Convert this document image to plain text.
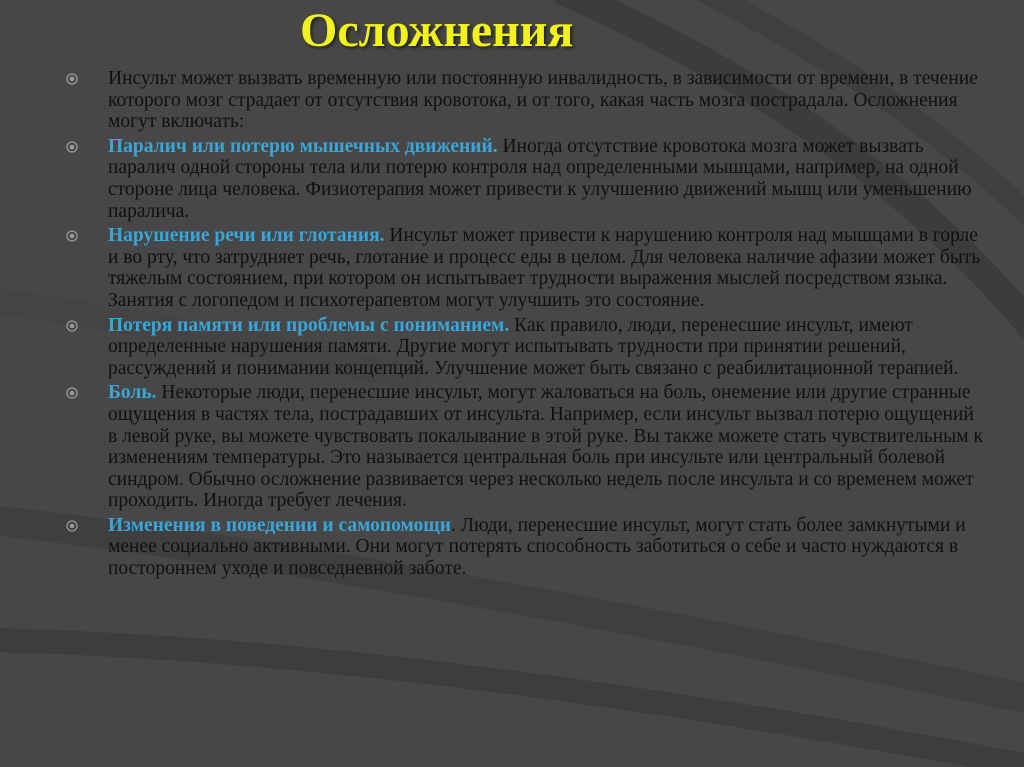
Осложнения
Инсульт может вызвать временную или постоянную инвалидность, в зависимости от времени, в течение которого мозг страдает от отсутствия кровотока, и от того, какая часть мозга пострадала. Осложнения могут включать:
Паралич или потерю мышечных движений. Иногда отсутствие кровотока мозга может вызвать паралич одной стороны тела или потерю контроля над определенными мышцами, например, на одной стороне лица человека. Физиотерапия может привести к улучшению движений мышц или уменьшению паралича.
Нарушение речи или глотания. Инсульт может привести к нарушению контроля над мышцами в горле и во рту, что затрудняет речь, глотание и процесс еды в целом. Для человека наличие афазии может быть тяжелым состоянием, при котором он испытывает трудности выражения мыслей посредством языка. Занятия с логопедом и психотерапевтом могут улучшить это состояние.
Потеря памяти или проблемы с пониманием. Как правило, люди, перенесшие инсульт, имеют определенные нарушения памяти. Другие могут испытывать трудности при принятии решений, рассуждений и понимании концепций. Улучшение может быть связано с реабилитационной терапией.
Боль. Некоторые люди, перенесшие инсульт, могут жаловаться на боль, онемение или другие странные ощущения в частях тела, пострадавших от инсульта. Например, если инсульт вызвал потерю ощущений в левой руке, вы можете чувствовать покалывание в этой руке. Вы также можете стать чувствительным к изменениям температуры. Это называется центральная боль при инсульте или центральный болевой синдром. Обычно осложнение развивается через несколько недель после инсульта и со временем может проходить. Иногда требует лечения.
Изменения в поведении и самопомощи. Люди, перенесшие инсульт, могут стать более замкнутыми и менее социально активными. Они могут потерять способность заботиться о себе и часто нуждаются в постороннем уходе и повседневной заботе.
